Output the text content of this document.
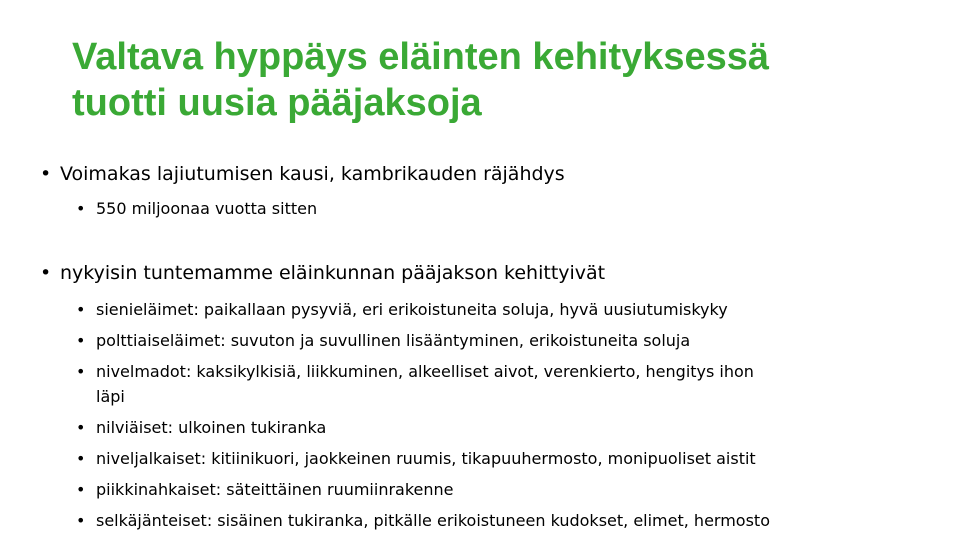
Valtava hyppäys eläinten kehityksessä
tuotti uusia pääjaksoja
• Voimakas lajiutumisen kausi, kambrikauden räjähdys
• 550 miljoonaa vuotta sitten
• nykyisin tuntemamme eläinkunnan pääjakson kehittyivät
• sienieläimet: paikallaan pysyviä, eri erikoistuneita soluja, hyvä uusiutumiskyky
• polttiaiseläimet: suvuton ja suvullinen lisääntyminen, erikoistuneita soluja
• nivelmadot: kaksikylkisiä, liikkuminen, alkeelliset aivot, verenkierto, hengitys ihon
läpi
• nilviäiset: ulkoinen tukiranka
• niveljalkaiset: kitiinikuori, jaokkeinen ruumis, tikapuuhermosto, monipuoliset aistit
• piikkinahkaiset: säteittäinen ruumiinrakenne
• selkäjänteiset: sisäinen tukiranka, pitkälle erikoistuneen kudokset, elimet, hermosto
